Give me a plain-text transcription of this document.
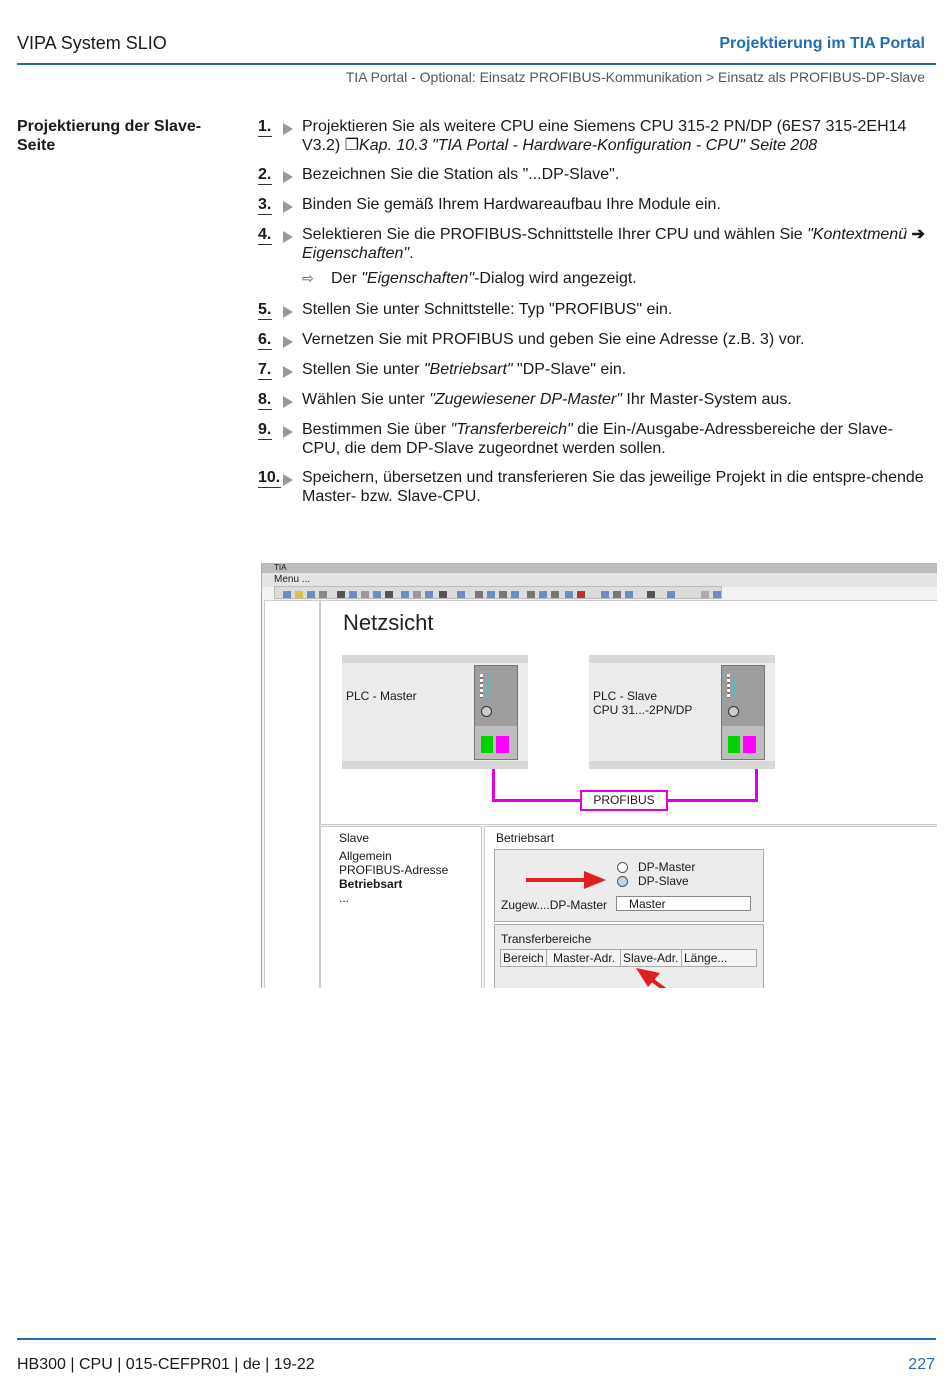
VIPA System SLIO	Projektierung im TIA Portal
TIA Portal - Optional: Einsatz PROFIBUS-Kommunikation > Einsatz als PROFIBUS-DP-Slave
Projektierung der Slave-Seite
1.	Projektieren Sie als weitere CPU eine Siemens CPU 315-2 PN/DP (6ES7 315-2EH14 V3.2) ❐Kap. 10.3 "TIA Portal - Hardware-Konfiguration - CPU" Seite 208
2.	Bezeichnen Sie die Station als "...DP-Slave".
3.	Binden Sie gemäß Ihrem Hardwareaufbau Ihre Module ein.
4.	Selektieren Sie die PROFIBUS-Schnittstelle Ihrer CPU und wählen Sie "Kontextmenü ➔ Eigenschaften".
⇨	Der "Eigenschaften"-Dialog wird angezeigt.
5.	Stellen Sie unter Schnittstelle: Typ "PROFIBUS" ein.
6.	Vernetzen Sie mit PROFIBUS und geben Sie eine Adresse (z.B. 3) vor.
7.	Stellen Sie unter "Betriebsart" "DP-Slave" ein.
8.	Wählen Sie unter "Zugewiesener DP-Master" Ihr Master-System aus.
9.	Bestimmen Sie über "Transferbereich" die Ein-/Ausgabe-Adressbereiche der Slave-CPU, die dem DP-Slave zugeordnet werden sollen.
10.	Speichern, übersetzen und transferieren Sie das jeweilige Projekt in die entspre-chende Master- bzw. Slave-CPU.
TIA
Menu ...
Netzsicht
PLC - Master	PLC - Slave
CPU 31...-2PN/DP
PROFIBUS
Slave
Allgemein
PROFIBUS-Adresse
Betriebsart
...
Betriebsart
DP-Master
DP-Slave
Zugew....DP-Master	Master
Transferbereiche
Bereich Master-Adr. Slave-Adr. Länge...
HB300 | CPU | 015-CEFPR01 | de | 19-22	227
